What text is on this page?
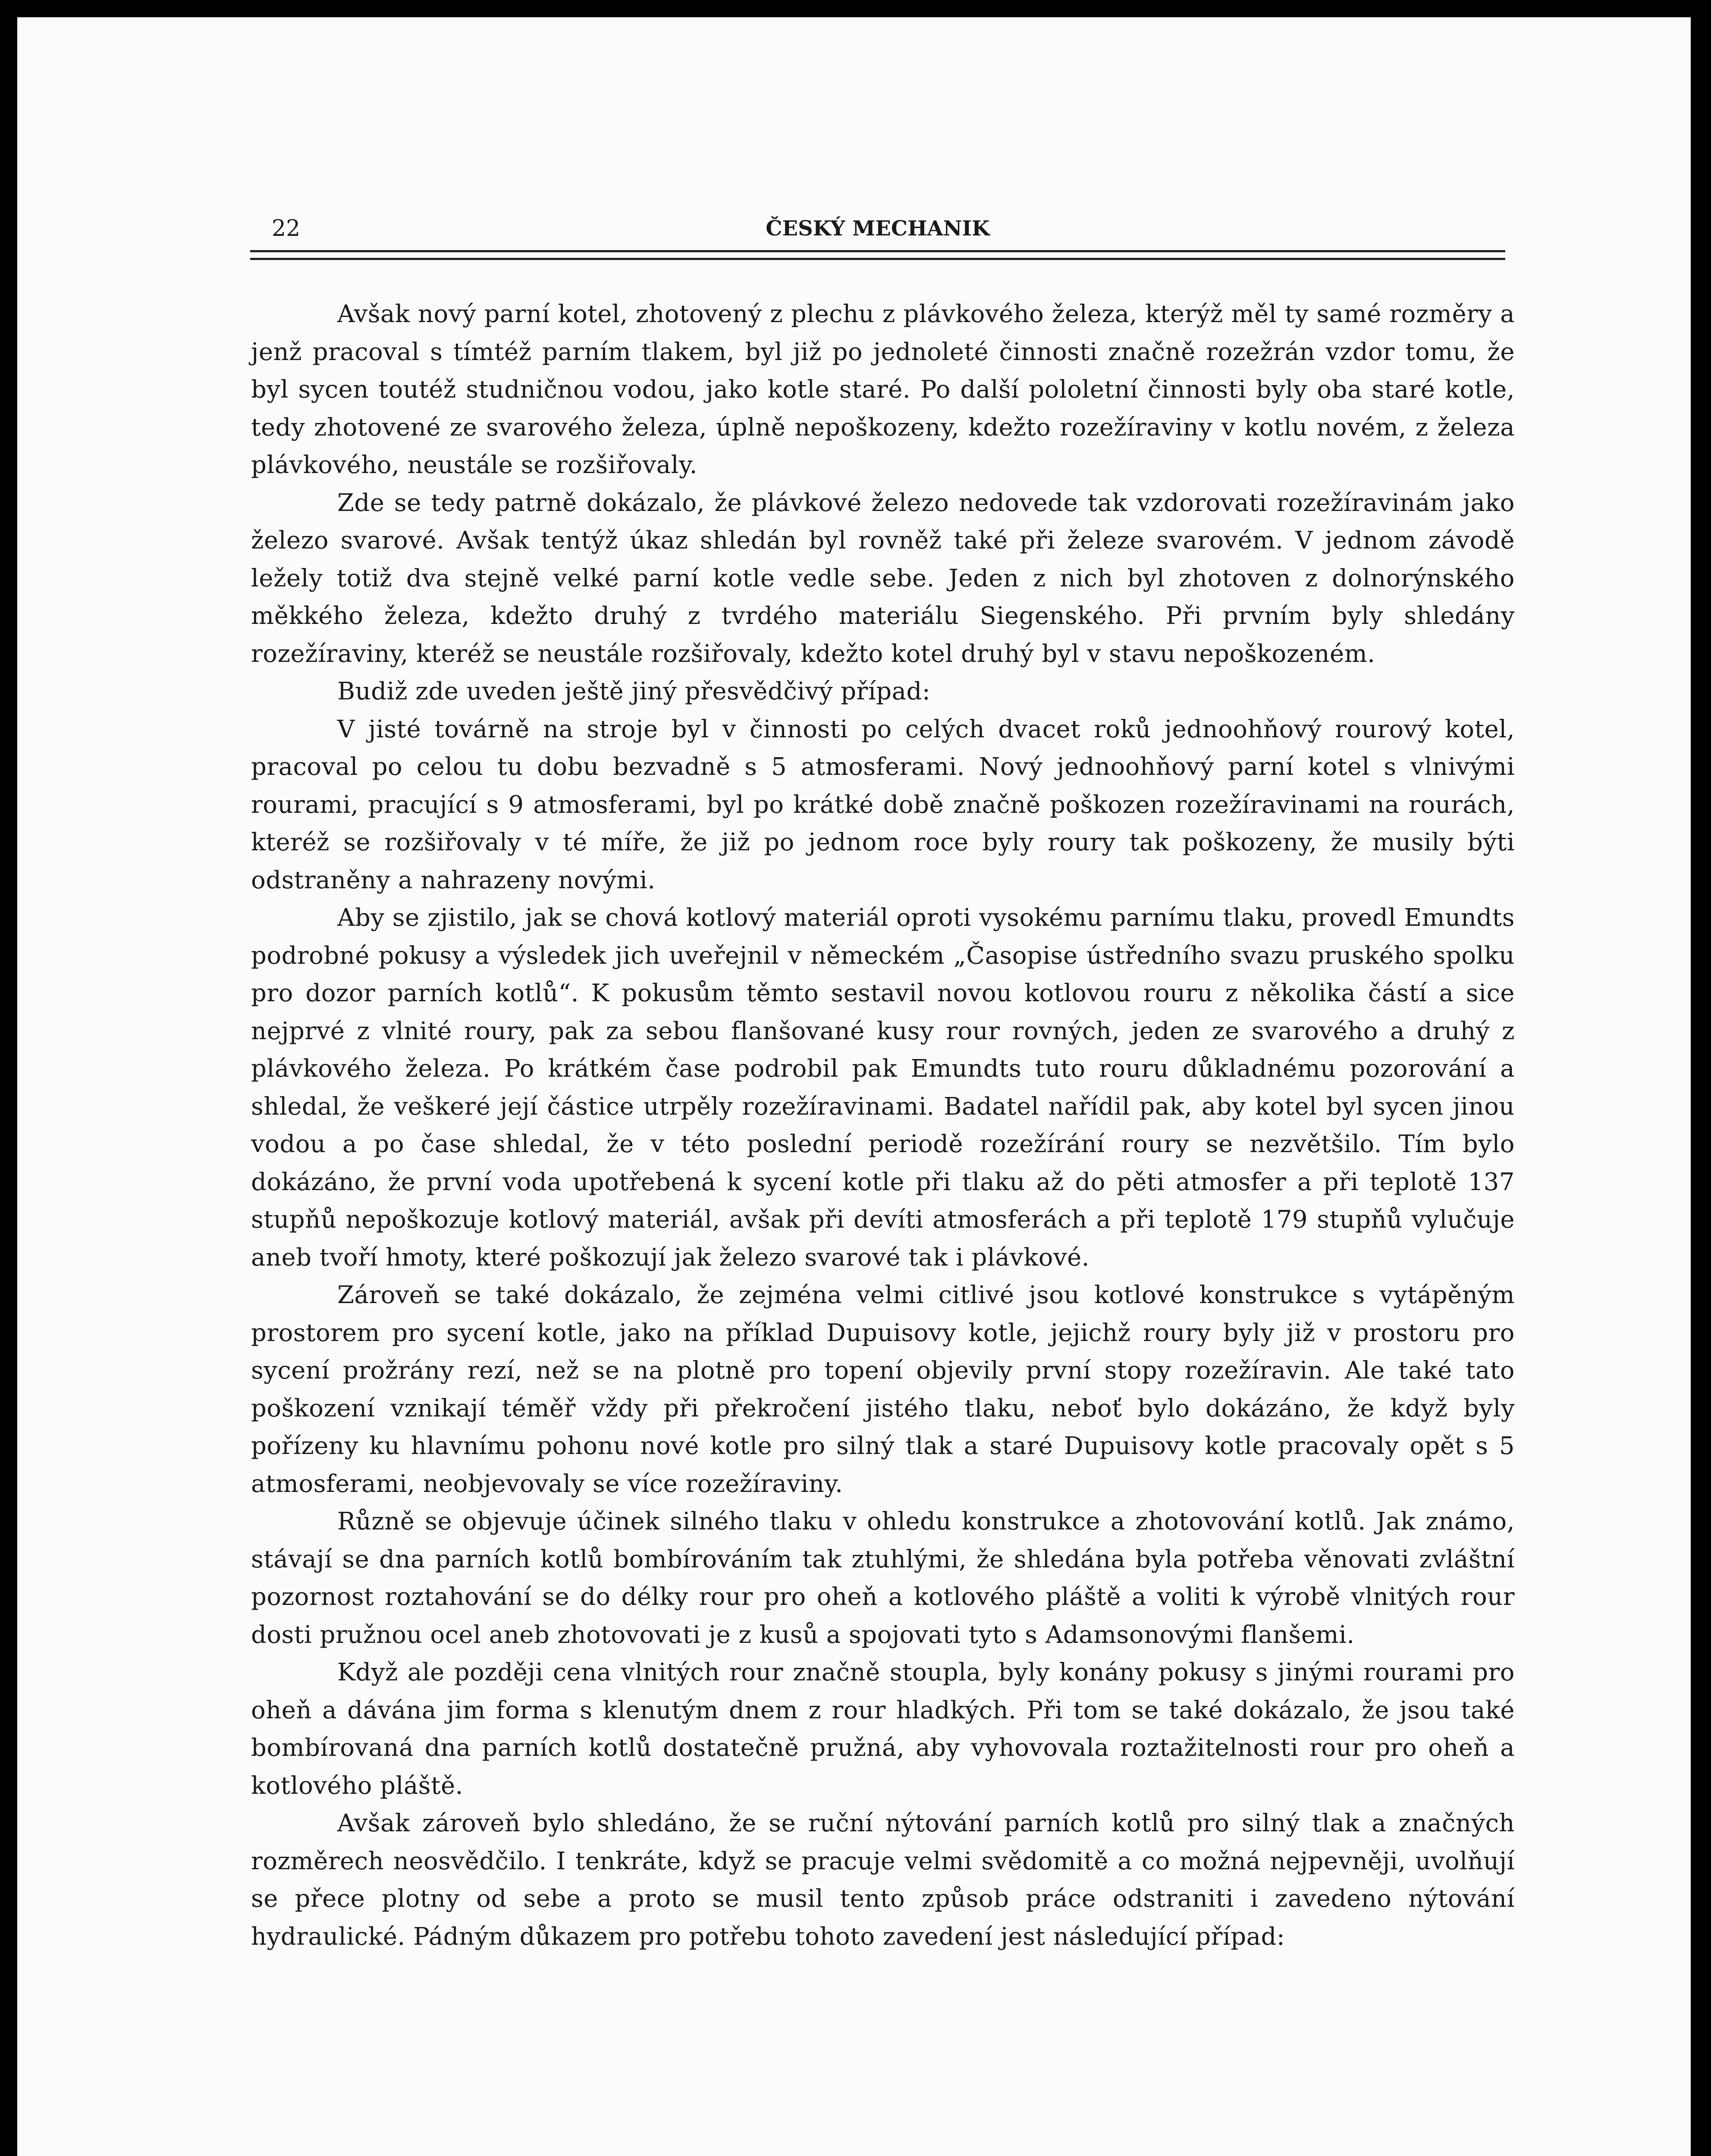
22	ČESKÝ MECHANIK

Avšak nový parní kotel, zhotovený z plechu z plávkového železa, kterýž měl ty samé rozměry a jenž pracoval s tímtéž parním tlakem, byl již po jednoleté činnosti značně rozežrán vzdor tomu, že byl sycen toutéž studničnou vodou, jako kotle staré. Po další pololetní činnosti byly oba staré kotle, tedy zhotovené ze svarového železa, úplně nepoškozeny, kdežto rozežíraviny v kotlu novém, z železa plávkového, neustále se rozšiřovaly.

Zde se tedy patrně dokázalo, že plávkové železo nedovede tak vzdorovati rozežíravinám jako železo svarové. Avšak tentýž úkaz shledán byl rovněž také při železe svarovém. V jednom závodě ležely totiž dva stejně velké parní kotle vedle sebe. Jeden z nich byl zhotoven z dolnorýnského měkkého železa, kdežto druhý z tvrdého materiálu Siegenského. Při prvním byly shledány rozežíraviny, kteréž se neustále rozšiřovaly, kdežto kotel druhý byl v stavu nepoškozeném.

Budiž zde uveden ještě jiný přesvědčivý případ:

V jisté továrně na stroje byl v činnosti po celých dvacet roků jednoohňový rourový kotel, pracoval po celou tu dobu bezvadně s 5 atmosferami. Nový jednoohňový parní kotel s vlnivými rourami, pracující s 9 atmosferami, byl po krátké době značně poškozen rozežíravinami na rourách, kteréž se rozšiřovaly v té míře, že již po jednom roce byly roury tak poškozeny, že musily býti odstraněny a nahrazeny novými.

Aby se zjistilo, jak se chová kotlový materiál oproti vysokému parnímu tlaku, provedl Emundts podrobné pokusy a výsledek jich uveřejnil v německém „Časopise ústředního svazu pruského spolku pro dozor parních kotlů“. K pokusům těmto sestavil novou kotlovou rouru z několika částí a sice nejprvé z vlnité roury, pak za sebou flanšované kusy rour rovných, jeden ze svarového a druhý z plávkového železa. Po krátkém čase podrobil pak Emundts tuto rouru důkladnému pozorování a shledal, že veškeré její částice utrpěly rozežíravinami. Badatel nařídil pak, aby kotel byl sycen jinou vodou a po čase shledal, že v této poslední periodě rozežírání roury se nezvětšilo. Tím bylo dokázáno, že první voda upotřebená k sycení kotle při tlaku až do pěti atmosfer a při teplotě 137 stupňů nepoškozuje kotlový materiál, avšak při devíti atmosferách a při teplotě 179 stupňů vylučuje aneb tvoří hmoty, které poškozují jak železo svarové tak i plávkové.

Zároveň se také dokázalo, že zejména velmi citlivé jsou kotlové konstrukce s vytápěným prostorem pro sycení kotle, jako na příklad Dupuisovy kotle, jejichž roury byly již v prostoru pro sycení prožrány rezí, než se na plotně pro topení objevily první stopy rozežíravin. Ale také tato poškození vznikají téměř vždy při překročení jistého tlaku, neboť bylo dokázáno, že když byly pořízeny ku hlavnímu pohonu nové kotle pro silný tlak a staré Dupuisovy kotle pracovaly opět s 5 atmosferami, neobjevovaly se více rozežíraviny.

Různě se objevuje účinek silného tlaku v ohledu konstrukce a zhotovování kotlů. Jak známo, stávají se dna parních kotlů bombírováním tak ztuhlými, že shledána byla potřeba věnovati zvláštní pozornost roztahování se do délky rour pro oheň a kotlového pláště a voliti k výrobě vlnitých rour dosti pružnou ocel aneb zhotovovati je z kusů a spojovati tyto s Adamsonovými flanšemi.

Když ale později cena vlnitých rour značně stoupla, byly konány pokusy s jinými rourami pro oheň a dávána jim forma s klenutým dnem z rour hladkých. Při tom se také dokázalo, že jsou také bombírovaná dna parních kotlů dostatečně pružná, aby vyhovovala roztažitelnosti rour pro oheň a kotlového pláště.

Avšak zároveň bylo shledáno, že se ruční nýtování parních kotlů pro silný tlak a značných rozměrech neosvědčilo. I tenkráte, když se pracuje velmi svědomitě a co možná nejpevněji, uvolňují se přece plotny od sebe a proto se musil tento způsob práce odstraniti i zavedeno nýtování hydraulické. Pádným důkazem pro potřebu tohoto zavedení jest následující případ:
